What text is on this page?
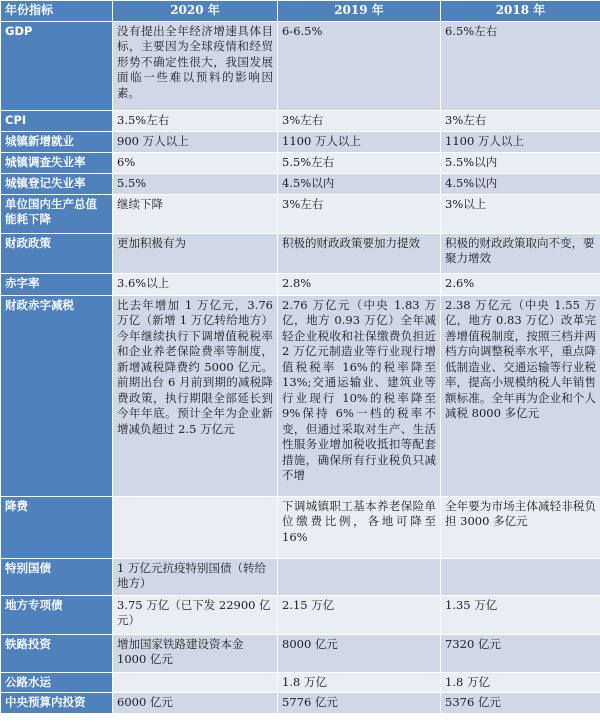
年份指标	2020 年	2019 年	2018 年
GDP	没有提出全年经济增速具体目标，主要因为全球疫情和经贸形势不确定性很大，我国发展面临一些难以预料的影响因素。	6-6.5%	6.5%左右
CPI	3.5%左右	3%左右	3%左右
城镇新增就业	900 万人以上	1100 万人以上	1100 万人以上
城镇调查失业率	6%	5.5%左右	5.5%以内
城镇登记失业率	5.5%	4.5%以内	4.5%以内
单位国内生产总值能耗下降	继续下降	3%左右	3%以上
财政政策	更加积极有为	积极的财政政策要加力提效	积极的财政政策取向不变，要聚力增效
赤字率	3.6%以上	2.8%	2.6%
财政赤字减税	比去年增加 1 万亿元，3.76 万亿（新增 1 万亿转给地方）今年继续执行下调增值税税率和企业养老保险费率等制度，新增减税降费约 5000 亿元。前期出台 6 月前到期的减税降费政策，执行期限全部延长到今年年底。预计全年为企业新增减负超过 2.5 万亿元	2.76 万亿元（中央 1.83 万亿，地方 0.93 万亿）全年减轻企业税收和社保缴费负担近 2 万亿元制造业等行业现行增值税税率 16%的税率降至 13%;交通运输业、建筑业等行业现行 10%的税率降至 9%保持 6%一档的税率不变，但通过采取对生产、生活性服务业增加税收抵扣等配套措施，确保所有行业税负只减不增	2.38 万亿元（中央 1.55 万亿，地方 0.83 万亿）改革完善增值税制度，按照三档并两档方向调整税率水平，重点降低制造业、交通运输等行业税率，提高小规模纳税人年销售额标准。全年再为企业和个人减税 8000 多亿元
降费		下调城镇职工基本养老保险单位缴费比例，各地可降至 16%	全年要为市场主体减轻非税负担 3000 多亿元
特别国债	1 万亿元抗疫特别国债（转给地方）		
地方专项债	3.75 万亿（已下发 22900 亿元）	2.15 万亿	1.35 万亿
铁路投资	增加国家铁路建设资本金 1000 亿元	8000 亿元	7320 亿元
公路水运		1.8 万亿	1.8 万亿
中央预算内投资	6000 亿元	5776 亿元	5376 亿元
